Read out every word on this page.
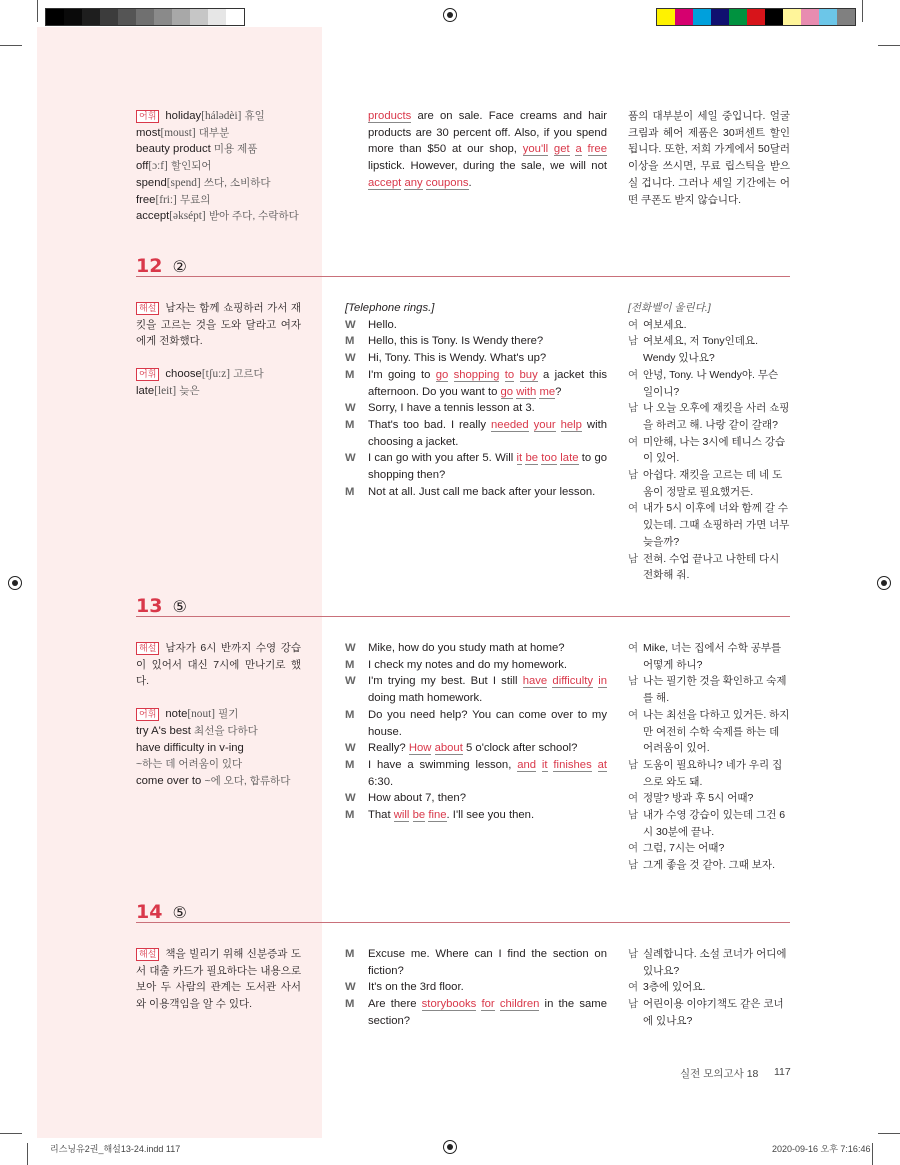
어휘 holiday[hálədèi] 휴일
most[moust] 대부분
beauty product 미용 제품
off[ɔːf] 할인되어
spend[spend] 쓰다, 소비하다
free[friː] 무료의
accept[əksépt] 받아 주다, 수락하다
products are on sale. Face creams and hair products are 30 percent off. Also, if you spend more than $50 at our shop, you'll get a free lipstick. However, during the sale, we will not accept any coupons.
품의 대부분이 세일 중입니다. 얼굴 크림과 헤어 제품은 30퍼센트 할인됩니다. 또한, 저희 가게에서 50달러 이상을 쓰시면, 무료 립스틱을 받으실 겁니다. 그러나 세일 기간에는 어떤 쿠폰도 받지 않습니다.
12 ②
해설 남자는 함께 쇼핑하러 가서 재킷을 고르는 것을 도와 달라고 여자에게 전화했다.
어휘 choose[tʃuːz] 고르다
late[leit] 늦은
[Telephone rings.]
W Hello.
M Hello, this is Tony. Is Wendy there?
W Hi, Tony. This is Wendy. What's up?
M I'm going to go shopping to buy a jacket this afternoon. Do you want to go with me?
W Sorry, I have a tennis lesson at 3.
M That's too bad. I really needed your help with choosing a jacket.
W I can go with you after 5. Will it be too late to go shopping then?
M Not at all. Just call me back after your lesson.
[전화벨이 울린다.]
여 여보세요.
남 여보세요, 저 Tony인데요. Wendy 있나요?
여 안녕, Tony. 나 Wendy야. 무슨 일이니?
남 나 오늘 오후에 재킷을 사러 쇼핑을 하려고 해. 나랑 같이 갈래?
여 미안해, 나는 3시에 테니스 강습이 있어.
남 아쉽다. 재킷을 고르는 데 네 도움이 정말로 필요했거든.
여 내가 5시 이후에 너와 함께 갈 수 있는데. 그때 쇼핑하러 가면 너무 늦을까?
남 전혀. 수업 끝나고 나한테 다시 전화해 줘.
13 ⑤
해설 남자가 6시 반까지 수영 강습이 있어서 대신 7시에 만나기로 했다.
어휘 note[nout] 필기
try A's best 최선을 다하다
have difficulty in v-ing
~하는 데 어려움이 있다
come over to ~에 오다, 합류하다
W Mike, how do you study math at home?
M I check my notes and do my homework.
W I'm trying my best. But I still have difficulty in doing math homework.
M Do you need help? You can come over to my house.
W Really? How about 5 o'clock after school?
M I have a swimming lesson, and it finishes at 6:30.
W How about 7, then?
M That will be fine. I'll see you then.
여 Mike, 너는 집에서 수학 공부를 어떻게 하니?
남 나는 필기한 것을 확인하고 숙제를 해.
여 나는 최선을 다하고 있거든. 하지만 여전히 수학 숙제를 하는 데 어려움이 있어.
남 도움이 필요하니? 네가 우리 집으로 와도 돼.
여 정말? 방과 후 5시 어때?
남 내가 수영 강습이 있는데 그건 6시 30분에 끝나.
여 그럼, 7시는 어때?
남 그게 좋을 것 같아. 그때 보자.
14 ⑤
해설 책을 빌리기 위해 신분증과 도서 대출 카드가 필요하다는 내용으로 보아 두 사람의 관계는 도서관 사서와 이용객임을 알 수 있다.
M Excuse me. Where can I find the section on fiction?
W It's on the 3rd floor.
M Are there storybooks for children in the same section?
남 실례합니다. 소설 코너가 어디에 있나요?
여 3층에 있어요.
남 어린이용 이야기책도 같은 코너에 있나요?
실전 모의고사 18 117
리스닝유2권_해설13-24.indd 117	2020-09-16 오후 7:16:46
